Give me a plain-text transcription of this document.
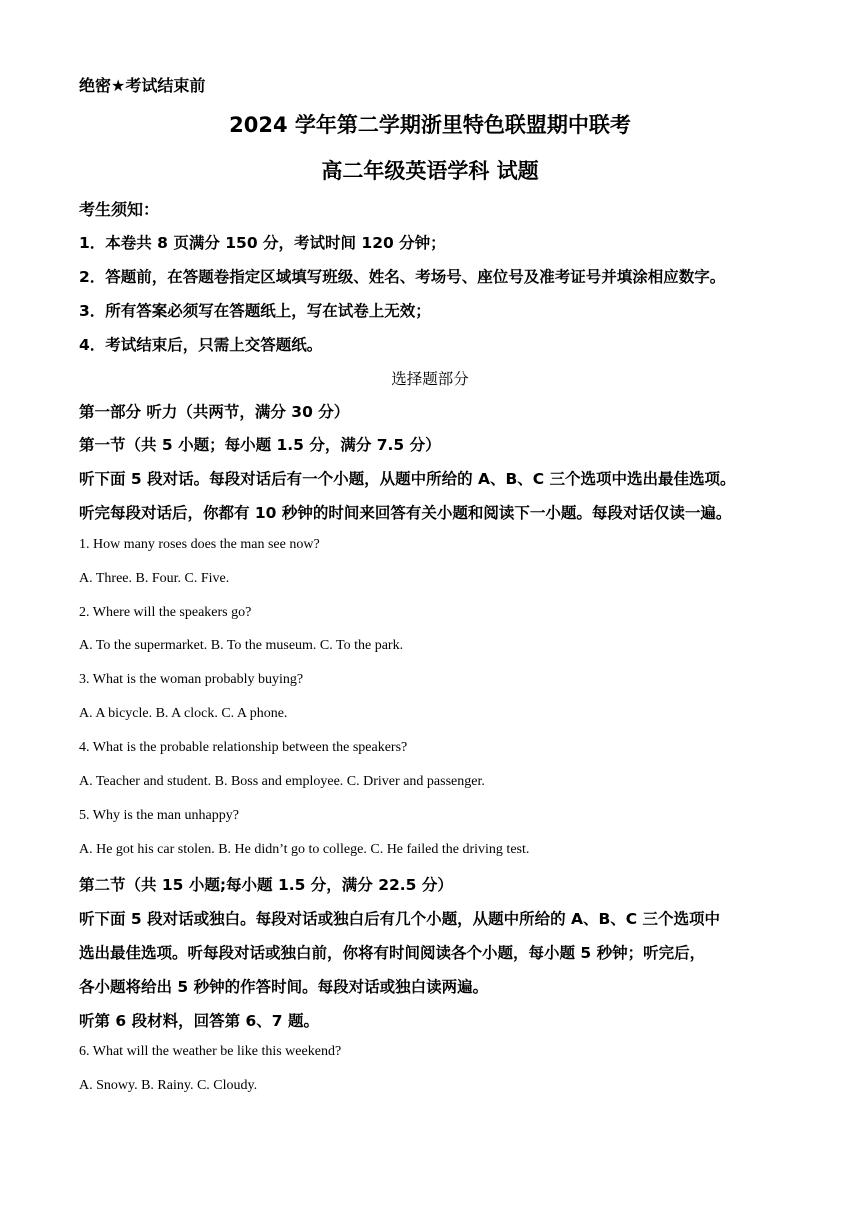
绝密★考试结束前
2024 学年第二学期浙里特色联盟期中联考
高二年级英语学科 试题
考生须知：
1．本卷共 8 页满分 150 分，考试时间 120 分钟；
2．答题前，在答题卷指定区域填写班级、姓名、考场号、座位号及准考证号并填涂相应数字。
3．所有答案必须写在答题纸上，写在试卷上无效；
4．考试结束后，只需上交答题纸。
选择题部分
第一部分 听力（共两节，满分 30 分）
第一节（共 5 小题；每小题 1.5 分，满分 7.5 分）
听下面 5 段对话。每段对话后有一个小题，从题中所给的 A、B、C 三个选项中选出最佳选项。
听完每段对话后，你都有 10 秒钟的时间来回答有关小题和阅读下一小题。每段对话仅读一遍。
1. How many roses does the man see now?
A. Three. B. Four. C. Five.
2. Where will the speakers go?
A. To the supermarket. B. To the museum. C. To the park.
3. What is the woman probably buying?
A. A bicycle. B. A clock. C. A phone.
4. What is the probable relationship between the speakers?
A. Teacher and student. B. Boss and employee. C. Driver and passenger.
5. Why is the man unhappy?
A. He got his car stolen. B. He didn’t go to college. C. He failed the driving test.
第二节（共 15 小题;每小题 1.5 分，满分 22.5 分）
听下面 5 段对话或独白。每段对话或独白后有几个小题，从题中所给的 A、B、C 三个选项中
选出最佳选项。听每段对话或独白前，你将有时间阅读各个小题，每小题 5 秒钟；听完后，
各小题将给出 5 秒钟的作答时间。每段对话或独白读两遍。
听第 6 段材料，回答第 6、7 题。
6. What will the weather be like this weekend?
A. Snowy. B. Rainy. C. Cloudy.
